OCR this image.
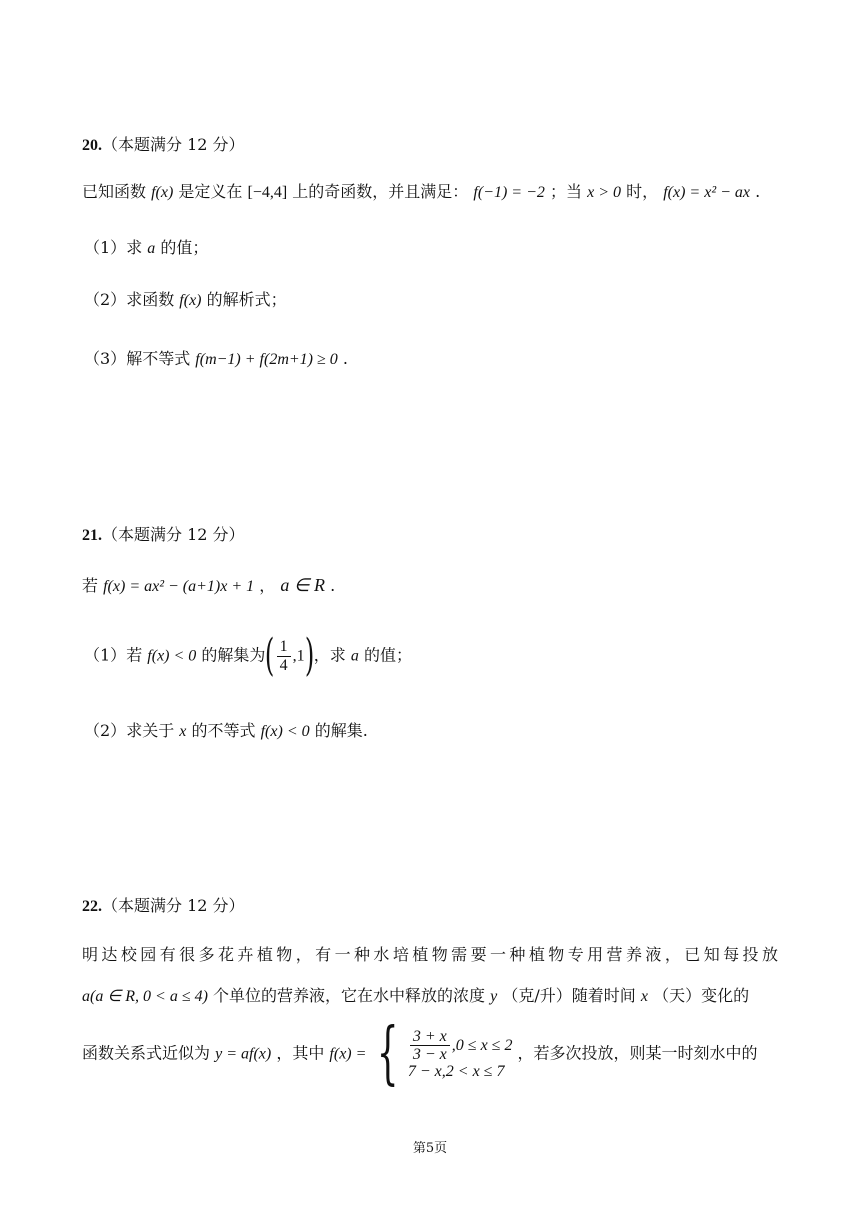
20.（本题满分 12 分）
已知函数 f(x) 是定义在 [−4,4] 上的奇函数，并且满足： f(−1) = −2 ；当 x > 0 时， f(x) = x² − ax .
（1）求 a 的值；
（2）求函数 f(x) 的解析式；
（3）解不等式 f(m−1) + f(2m+1) ≥ 0 .
21.（本题满分 12 分）
若 f(x) = ax² − (a+1)x + 1 ， a ∈ R .
（1）若 f(x) < 0 的解集为( $\frac{1}{4} ,1$)，求 a 的值；
（2）求关于 x 的不等式 f(x) < 0 的解集.
22.（本题满分 12 分）
明达校园有很多花卉植物，有一种水培植物需要一种植物专用营养液，已知每投放
a(a ∈ R, 0 < a ≤ 4) 个单位的营养液，它在水中释放的浓度 y （克/升）随着时间 x （天）变化的
函数关系式近似为 y = af(x) ，其中 f(x) = { $\frac{3 + x}{3 - x} ,0 \le x \le 2$
7 − x,2 < x ≤ 7
，若多次投放，则某一时刻水中的
第5页
